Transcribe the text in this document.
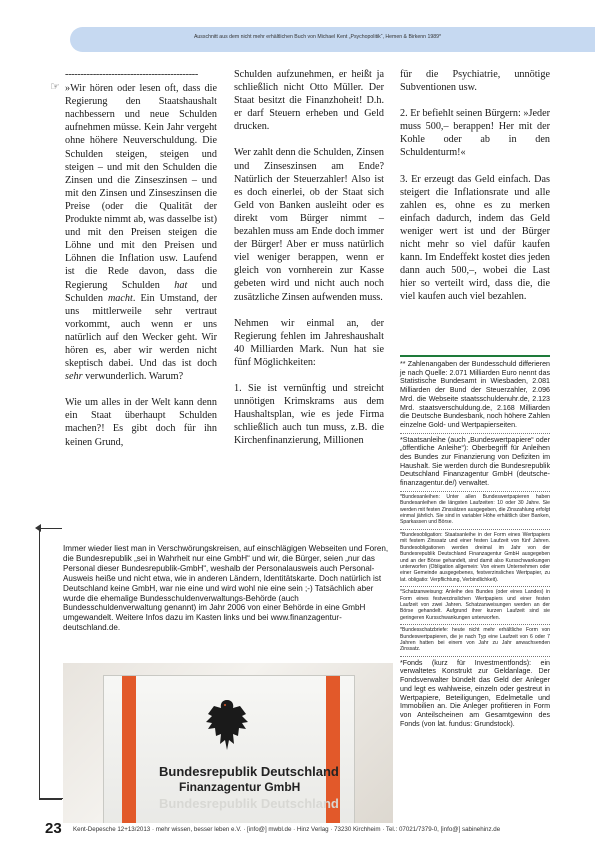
Ausschnitt aus dem nicht mehr erhältlichen Buch von Michael Kent „Psychopolitik“, Hemen & Birkenn 1989*
☞
-------------------------------------------

»Wir hören oder lesen oft, dass die Regierung den Staatshaushalt nachbessern und neue Schulden aufnehmen müsse. Kein Jahr vergeht ohne höhere Neuverschuldung. Die Schulden steigen, steigen und steigen – und mit den Schulden die Zinsen und die Zinseszinsen – und mit den Zinsen und Zinseszinsen die Preise (oder die Qualität der Produkte nimmt ab, was dasselbe ist) und mit den Preisen steigen die Löhne und mit den Preisen und Löhnen die Inflation usw. Laufend ist die Rede davon, dass die Regierung Schulden hat und Schulden macht. Ein Umstand, der uns mittlerweile sehr vertraut vorkommt, auch wenn er uns natürlich auf den Wecker geht. Wir hören es, aber wir werden nicht skeptisch dabei. Und das ist doch sehr verwunderlich. Warum?

Wie um alles in der Welt kann denn ein Staat überhaupt Schulden machen?! Es gibt doch für ihn keinen Grund,

Schulden aufzunehmen, er heißt ja schließlich nicht Otto Müller. Der Staat besitzt die Finanzhoheit! D.h. er darf Steuern erheben und Geld drucken.

Wer zahlt denn die Schulden, Zinsen und Zinseszinsen am Ende? Natürlich der Steuerzahler! Also ist es doch einerlei, ob der Staat sich Geld von Banken ausleiht oder es direkt vom Bürger nimmt – bezahlen muss am Ende doch immer der Bürger! Aber er muss natürlich viel weniger berappen, wenn er gleich von vornherein zur Kasse gebeten wird und nicht auch noch zusätzliche Zinsen aufwenden muss.

Nehmen wir einmal an, der Regierung fehlen im Jahreshaushalt 40 Milliarden Mark. Nun hat sie fünf Möglichkeiten:

1. Sie ist vernünftig und streicht unnötigen Krimskrams aus dem Haushaltsplan, wie es jede Firma schließlich auch tun muss, z.B. die Kirchenfinanzierung, Millionen

für die Psychiatrie, unnötige Subventionen usw.

2. Er befiehlt seinen Bürgern: »Jeder muss 500,– berappen! Her mit der Kohle oder ab in den Schuldenturm!«

3. Er erzeugt das Geld einfach. Das steigert die Inflationsrate und alle zahlen es, ohne es zu merken einfach dadurch, indem das Geld weniger wert ist und der Bürger nicht mehr so viel dafür kaufen kann. Im Endeffekt kostet dies jeden dann auch 500,–, wobei die Last hier so verteilt wird, dass die, die viel kaufen auch viel bezahlen.

** Zahlenangaben der Bundesschuld differieren je nach Quelle: 2.071 Milliarden Euro nennt das Statistische Bundesamt in Wiesbaden, 2.081 Milliarden der Bund der Steuerzahler, 2.096 Mrd. die Webseite staatsschuldenuhr.de, 2.123 Mrd. staatsverschuldung.de, 2.168 Milliarden die Deutsche Bundesbank, noch höhere Zahlen einzelne Gold- und Wertpapierseiten.

*Staatsanleihe (auch „Bundeswertpapiere“ oder „öffentliche Anleihe“): Oberbegriff für Anleihen des Bundes zur Finanzierung von Defiziten im Haushalt. Sie werden durch die Bundesrepublik Deutschland Finanzagentur GmbH (deutsche-finanzagentur.de/) verwaltet.

*Bundesanleihen: Unter allen Bundeswertpapieren haben Bundesanleihen die längsten Laufzeiten: 10 oder 30 Jahre. Sie werden mit festen Zinssätzen ausgegeben, die Zinszahlung erfolgt einmal jährlich. Sie sind in variabler Höhe erhältlich über Banken, Sparkassen und Börse.

*Bundesobligation: Staatsanleihe in der Form eines Wertpapiers mit festem Zinssatz und einer festen Laufzeit von fünf Jahren. Bundesobligationen werden dreimal im Jahr von der Bundesrepublik Deutschland Finanzagentur GmbH ausgegeben und an der Börse gehandelt, sind damit also Kursschwankungen unterworfen (Obligation allgemein: Von einem Unternehmen oder einer Gemeinde ausgegebenes, festverzinsliches Wertpapier, zu lat. obligatio: Verpflichtung, Verbindlichkeit).

*Schatzanweisung: Anleihe des Bundes (oder eines Landes) in Form eines festverzinslichen Wertpapiers und einer festen Laufzeit von zwei Jahren. Schatzanweisungen werden an der Börse gehandelt. Aufgrund ihrer kurzen Laufzeit sind sie geringeren Kursschwankungen unterworfen.

*Bundesschatzbriefe: heute nicht mehr erhältliche Form von Bundeswertpapieren, die je nach Typ eine Laufzeit von 6 oder 7 Jahren hatten bei einem von Jahr zu Jahr anwachsenden Zinssatz.

*Fonds (kurz für Investmentfonds): ein verwaltetes Konstrukt zur Geldanlage. Der Fondsverwalter bündelt das Geld der Anleger und legt es wahlweise, einzeln oder gestreut in Wertpapiere, Beteiligungen, Edelmetalle und Immobilien an. Die Anleger profitieren in Form von Anteilscheinen am Gesamtgewinn des Fonds (von lat. fundus: Grundstock).

Immer wieder liest man in Verschwörungskreisen, auf einschlägigen Webseiten und Foren, die Bundesrepublik „sei in Wahrheit nur eine GmbH“ und wir, die Bürger, seien „nur das Personal dieser Bundesrepublik-GmbH“, weshalb der Personalausweis auch Personal-Ausweis heiße und nicht etwa, wie in anderen Ländern, Identitätskarte. Doch natürlich ist Deutschland keine GmbH, war nie eine und wird wohl nie eine sein ;-) Tatsächlich aber wurde die ehemalige Bundesschuldenverwaltungs-Behörde (auch Bundesschuldenverwaltung genannt) im Jahr 2006 von einer Behörde in eine GmbH umgewandelt. Weitere Infos dazu im Kasten links und bei www.finanzagentur-deutschland.de.
Bundesrepublik Deutschland
Finanzagentur GmbH
Bundesrepublik Deutschland
23 Kent-Depesche 12+13/2013 · mehr wissen, besser leben e.V. · [info@] mwbl.de · Hinz Verlag · 73230 Kirchheim · Tel.: 07021/7379-0, [info@] sabinehinz.de
